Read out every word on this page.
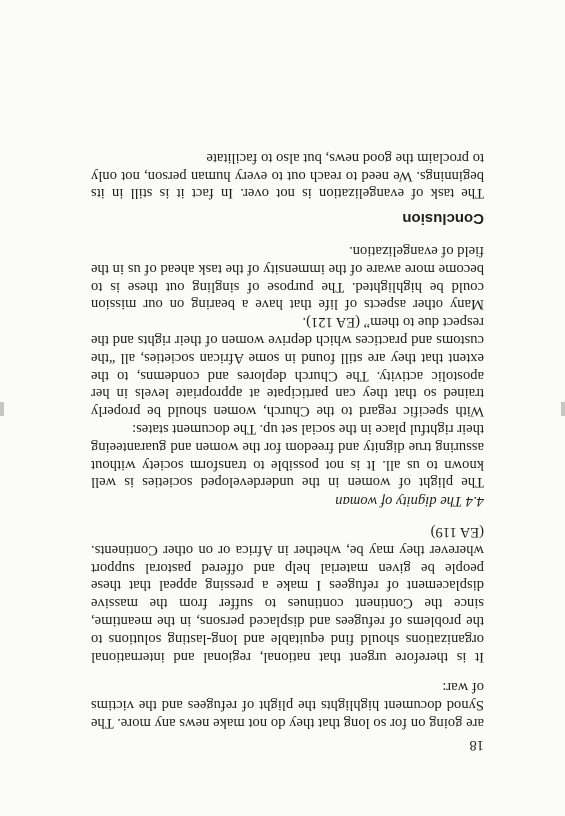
18

are going on for so long that they do not make news any more. The Synod document highlights the plight of refugees and the victims of war:

It is therefore urgent that national, regional and international organizations should find equitable and long-lasting solutions to the problems of refugees and displaced persons, in the meantime, since the Continent continues to suffer from the massive displacement of refugees I make a pressing appeal that these people be given material help and offered pastoral support wherever they may be, whether in Africa or on other Continents. (EA 119)

4.4 The dignity of woman

The plight of women in the underdeveloped societies is well known to us all. It is not possible to transform society without assuring true dignity and freedom for the women and guaranteeing their rightful place in the social set up. The document states:

With specific regard to the Church, women should be properly trained so that they can participate at appropriate levels in her apostolic activity. The Church deplores and condemns, to the extent that they are still found in some African societies, all “the customs and practices which deprive women of their rights and the respect due to them” (EA 121).

Many other aspects of life that have a bearing on our mission could be highlighted. The purpose of singling out these is to become more aware of the immensity of the task ahead of us in the field of evangelization.

Conclusion

The task of evangelization is not over. In fact it is still in its beginnings. We need to reach out to every human person, not only to proclaim the good news, but also to facilitate
